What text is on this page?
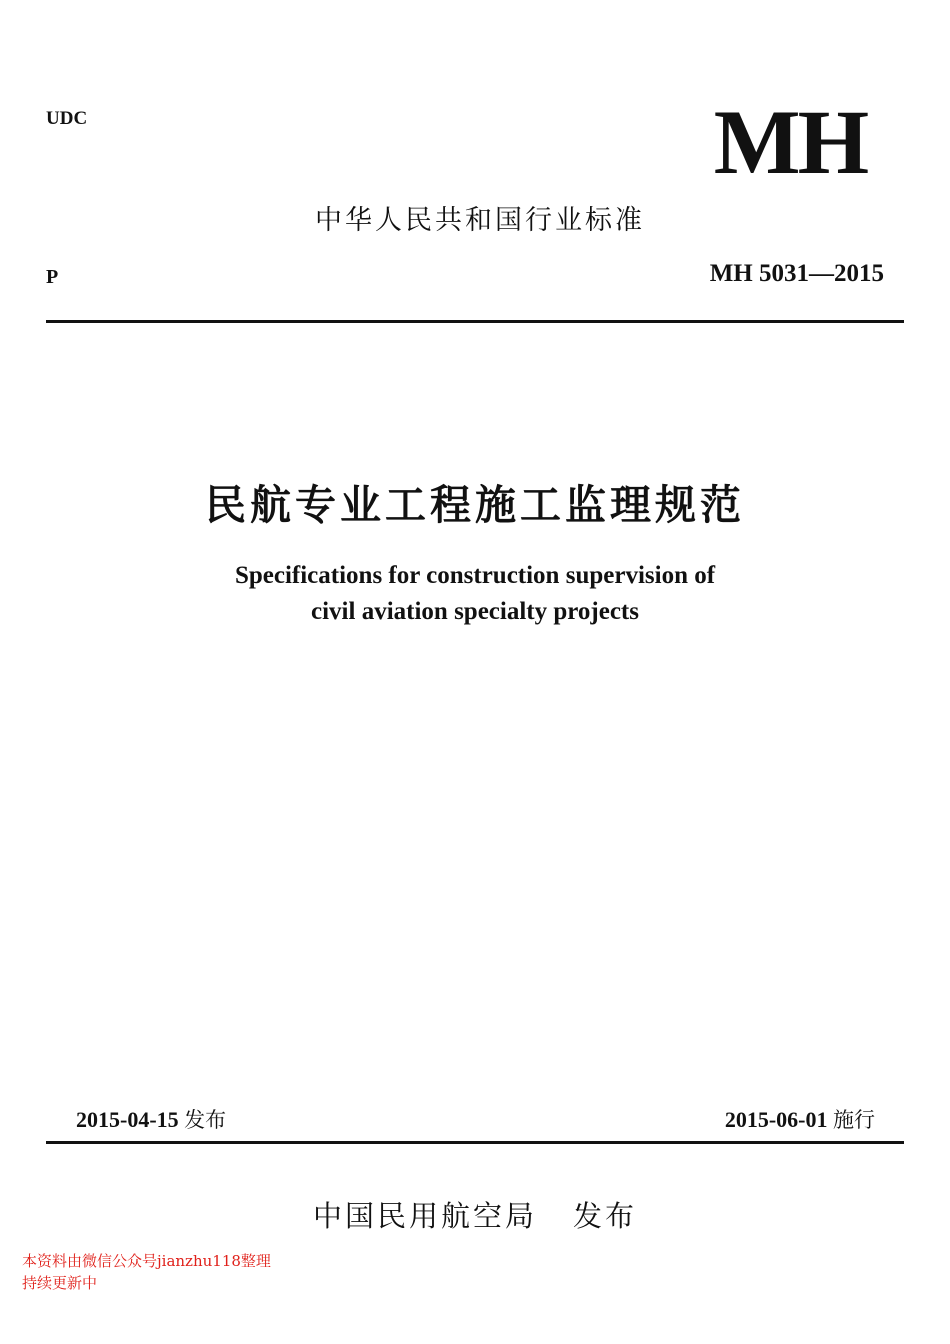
UDC	MH
中华人民共和国行业标准
P	MH 5031—2015
民航专业工程施工监理规范
Specifications for construction supervision of
civil aviation specialty projects
2015-04-15 发布	2015-06-01 施行
中国民用航空局 发布
本资料由微信公众号jianzhu118整理
持续更新中
